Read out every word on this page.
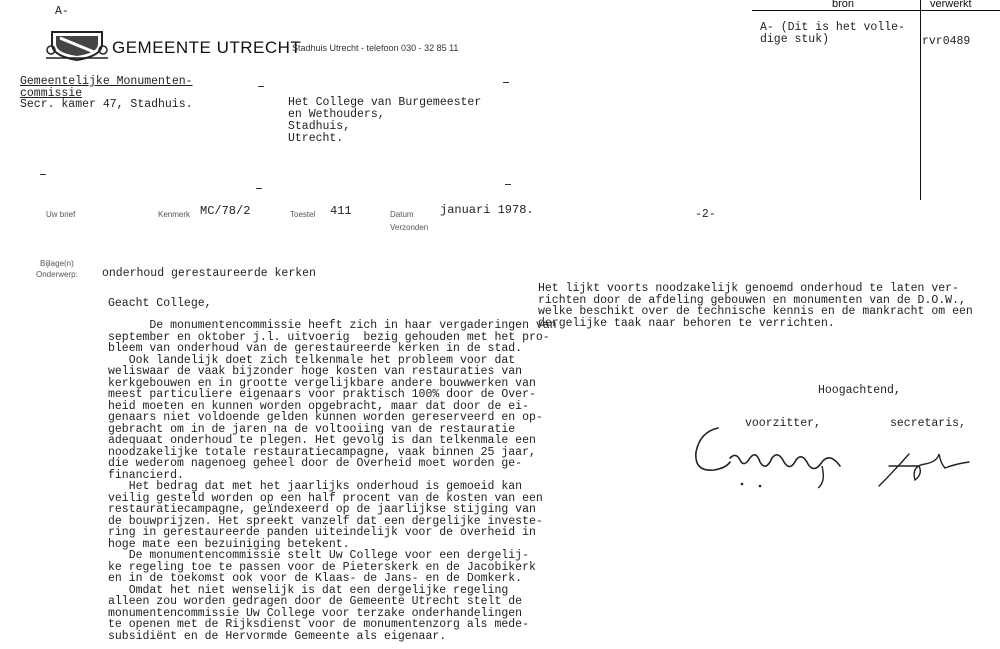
A-
GEMEENTE UTRECHT
Stadhuis Utrecht - telefoon 030 - 32 85 11
bron	verwerkt
A- (Dit is het volle-
dige stuk)	rvr0489
Gemeentelijke Monumenten-
commissie
Secr. kamer 47, Stadhuis.	Het College van Burgemeester
en Wethouders,
Stadhuis,
Utrecht.
Uw brief	Kenmerk MC/78/2	Toestel 411	Datum januari 1978.
Verzonden
-2-
Bijlage(n)
Onderwerp: onderhoud gerestaureerde kerken
Geacht College,
De monumentencommissie heeft zich in haar vergaderingen van
september en oktober j.l. uitvoerig  bezig gehouden met het pro-
bleem van onderhoud van de gerestaureerde kerken in de stad.
Ook landelijk doet zich telkenmale het probleem voor dat
weliswaar de vaak bijzonder hoge kosten van restauraties van
kerkgebouwen en in grootte vergelijkbare andere bouwwerken van
meest particuliere eigenaars voor praktisch 100% door de Over-
heid moeten en kunnen worden opgebracht, maar dat door de ei-
genaars niet voldoende gelden kunnen worden gereserveerd en op-
gebracht om in de jaren na de voltooiing van de restauratie
adequaat onderhoud te plegen. Het gevolg is dan telkenmale een
noodzakelijke totale restauratiecampagne, vaak binnen 25 jaar,
die wederom nagenoeg geheel door de Overheid moet worden ge-
financierd.
Het bedrag dat met het jaarlijks onderhoud is gemoeid kan
veilig gesteld worden op een half procent van de kosten van een
restauratiecampagne, geïndexeerd op de jaarlijkse stijging van
de bouwprijzen. Het spreekt vanzelf dat een dergelijke investe-
ring in gerestaureerde panden uiteindelijk voor de overheid in
hoge mate een bezuiniging betekent.
De monumentencommissie stelt Uw College voor een dergelij-
ke regeling toe te passen voor de Pieterskerk en de Jacobikerk
en in de toekomst ook voor de Klaas- de Jans- en de Domkerk.
Omdat het niet wenselijk is dat een dergelijke regeling
alleen zou worden gedragen door de Gemeente Utrecht stelt de
monumentencommissie Uw College voor terzake onderhandelingen
te openen met de Rijksdienst voor de monumentenzorg als mede-
subsidiënt en de Hervormde Gemeente als eigenaar.
Het lijkt voorts noodzakelijk genoemd onderhoud te laten ver-
richten door de afdeling gebouwen en monumenten van de D.O.W.,
welke beschikt over de technische kennis en de mankracht om een
dergelijke taak naar behoren te verrichten.
Hoogachtend,
voorzitter,	secretaris,
